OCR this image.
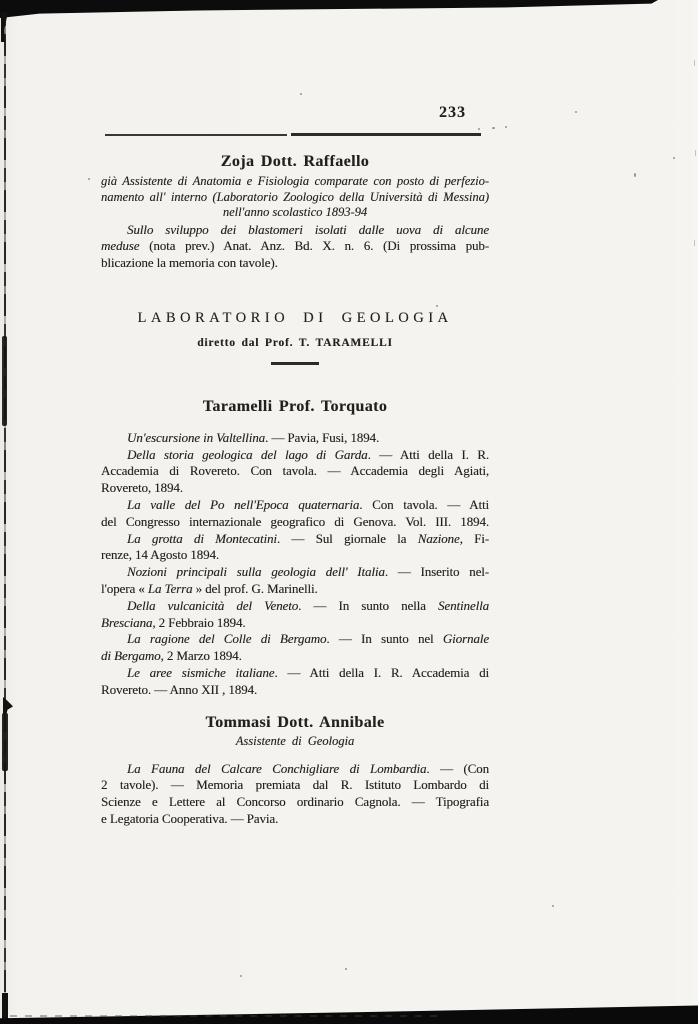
233
Zoja Dott. Raffaello
già Assistente di Anatomia e Fisiologia comparate con posto di perfezio-
namento all' interno (Laboratorio Zoologico della Università di Messina)
nell'anno scolastico 1893-94
Sullo sviluppo dei blastomeri isolati dalle uova di alcune
meduse (nota prev.) Anat. Anz. Bd. X. n. 6. (Di prossima pub-
blicazione la memoria con tavole).
LABORATORIO DI GEOLOGIA
diretto dal Prof. T. TARAMELLI
Taramelli Prof. Torquato
Un'escursione in Valtellina. — Pavia, Fusi, 1894.
Della storia geologica del lago di Garda. — Atti della I. R.
Accademia di Rovereto. Con tavola. — Accademia degli Agiati,
Rovereto, 1894.
La valle del Po nell'Epoca quaternaria. Con tavola. — Atti
del Congresso internazionale geografico di Genova. Vol. III. 1894.
La grotta di Montecatini. — Sul giornale la Nazione, Fi-
renze, 14 Agosto 1894.
Nozioni principali sulla geologia dell' Italia. — Inserito nel-
l'opera « La Terra » del prof. G. Marinelli.
Della vulcanicità del Veneto. — In sunto nella Sentinella
Bresciana, 2 Febbraio 1894.
La ragione del Colle di Bergamo. — In sunto nel Giornale
di Bergamo, 2 Marzo 1894.
Le aree sismiche italiane. — Atti della I. R. Accademia di
Rovereto. — Anno XII , 1894.
Tommasi Dott. Annibale
Assistente di Geologia
La Fauna del Calcare Conchigliare di Lombardia. — (Con
2 tavole). — Memoria premiata dal R. Istituto Lombardo di
Scienze e Lettere al Concorso ordinario Cagnola. — Tipografia
e Legatoria Cooperativa. — Pavia.
